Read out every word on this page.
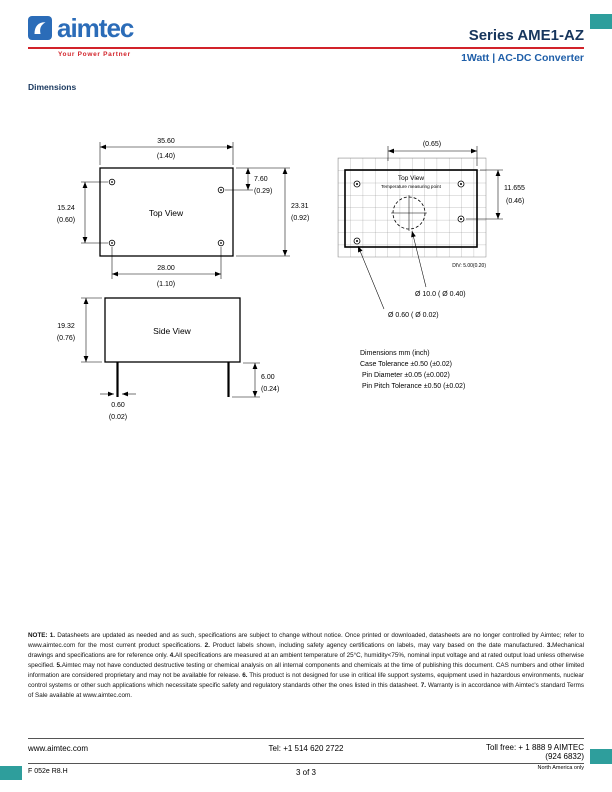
aimtec
Your Power Partner
Series AME1-AZ
1Watt | AC-DC Converter
Dimensions
Top View
35.60
(1.40)
15.24
(0.60)
7.60
(0.29)
23.31
(0.92)
28.00
(1.10)
Side View
19.32
(0.76)
6.00
(0.24)
0.60
(0.02)
Top View
Temperature measuring point
(0.65)
11.655
(0.46)
DIV: 5.00(0.20)
Ø 10.0 ( Ø 0.40)
Ø 0.60 ( Ø 0.02)
Dimensions mm (inch)
Case Tolerance ±0.50 (±0.02)
Pin Diameter ±0.05 (±0.002)
Pin Pitch Tolerance ±0.50 (±0.02)

NOTE: 1. Datasheets are updated as needed and as such, specifications are subject to change without notice. Once printed or downloaded, datasheets are no longer controlled by Aimtec; refer to www.aimtec.com for the most current product specifications. 2. Product labels shown, including safety agency certifications on labels, may vary based on the date manufactured. 3.Mechanical drawings and specifications are for reference only. 4.All specifications are measured at an ambient temperature of 25°C, humidity<75%, nominal input voltage and at rated output load unless otherwise specified. 5.Aimtec may not have conducted destructive testing or chemical analysis on all internal components and chemicals at the time of publishing this document. CAS numbers and other limited information are considered proprietary and may not be available for release. 6. This product is not designed for use in critical life support systems, equipment used in hazardous environments, nuclear control systems or other such applications which necessitate specific safety and regulatory standards other the ones listed in this datasheet. 7. Warranty is in accordance with Aimtec's standard Terms of Sale available at www.aimtec.com.

www.aimtec.com	Tel: +1 514 620 2722	Toll free: + 1 888 9 AIMTEC
(924 6832)
North America only
F 052e R8.H	3 of 3
